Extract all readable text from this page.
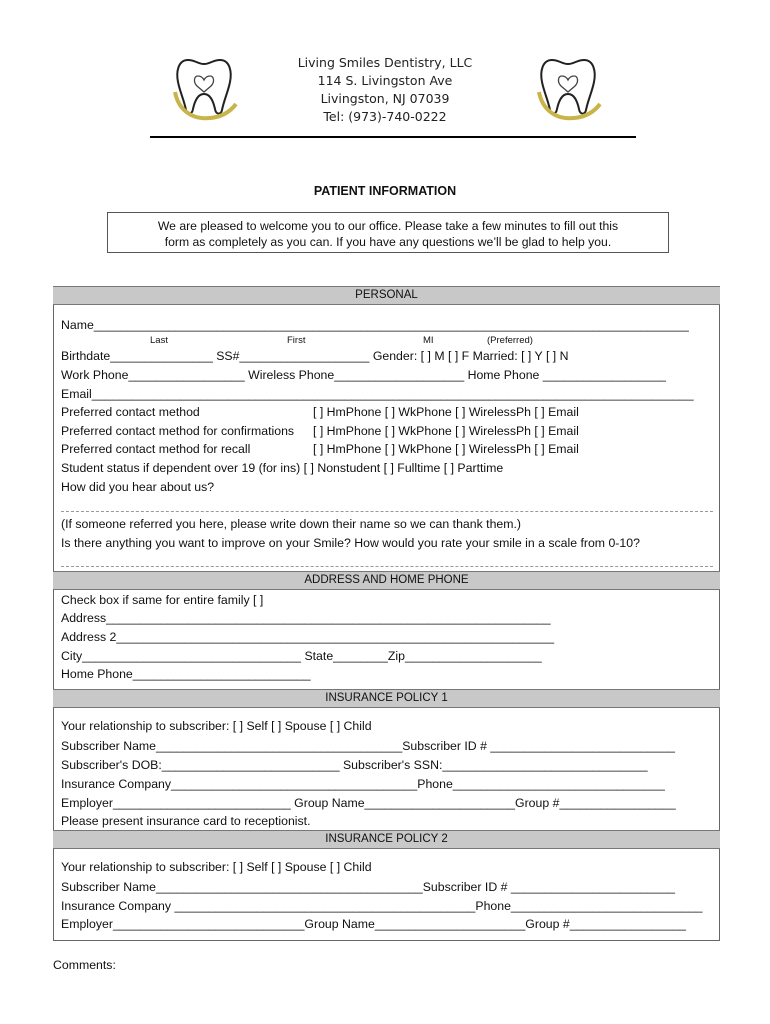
Living Smiles Dentistry, LLC
114 S. Livingston Ave
Livingston, NJ 07039
Tel: (973)-740-0222
PATIENT INFORMATION
We are pleased to welcome you to our office. Please take a few minutes to fill out this
form as completely as you can. If you have any questions we’ll be glad to help you.
PERSONAL
Name_______________________________________________________________________________________
Last	First	MI	(Preferred)
Birthdate_______________ SS#___________________ Gender: [ ] M [ ] F Married: [ ] Y [ ] N
Work Phone_________________ Wireless Phone___________________ Home Phone __________________
Email________________________________________________________________________________________
Preferred contact method	[ ] HmPhone [ ] WkPhone [ ] WirelessPh [ ] Email
Preferred contact method for confirmations [ ] HmPhone [ ] WkPhone [ ] WirelessPh [ ] Email
Preferred contact method for recall	[ ] HmPhone [ ] WkPhone [ ] WirelessPh [ ] Email
Student status if dependent over 19 (for ins) [ ] Nonstudent [ ] Fulltime [ ] Parttime
How did you hear about us?
(If someone referred you here, please write down their name so we can thank them.)
Is there anything you want to improve on your Smile? How would you rate your smile in a scale from 0-10?
ADDRESS AND HOME PHONE
Check box if same for entire family [ ]
Address_________________________________________________________________
Address 2________________________________________________________________
City________________________________ State________Zip____________________
Home Phone__________________________
INSURANCE POLICY 1
Your relationship to subscriber: [ ] Self [ ] Spouse [ ] Child
Subscriber Name____________________________________Subscriber ID # ___________________________
Subscriber's DOB:__________________________ Subscriber's SSN:______________________________
Insurance Company____________________________________Phone_______________________________
Employer__________________________ Group Name______________________Group #_________________
Please present insurance card to receptionist.
INSURANCE POLICY 2
Your relationship to subscriber: [ ] Self [ ] Spouse [ ] Child
Subscriber Name_______________________________________Subscriber ID # ________________________
Insurance Company ____________________________________________Phone____________________________
Employer____________________________Group Name______________________Group #_________________
Comments:
